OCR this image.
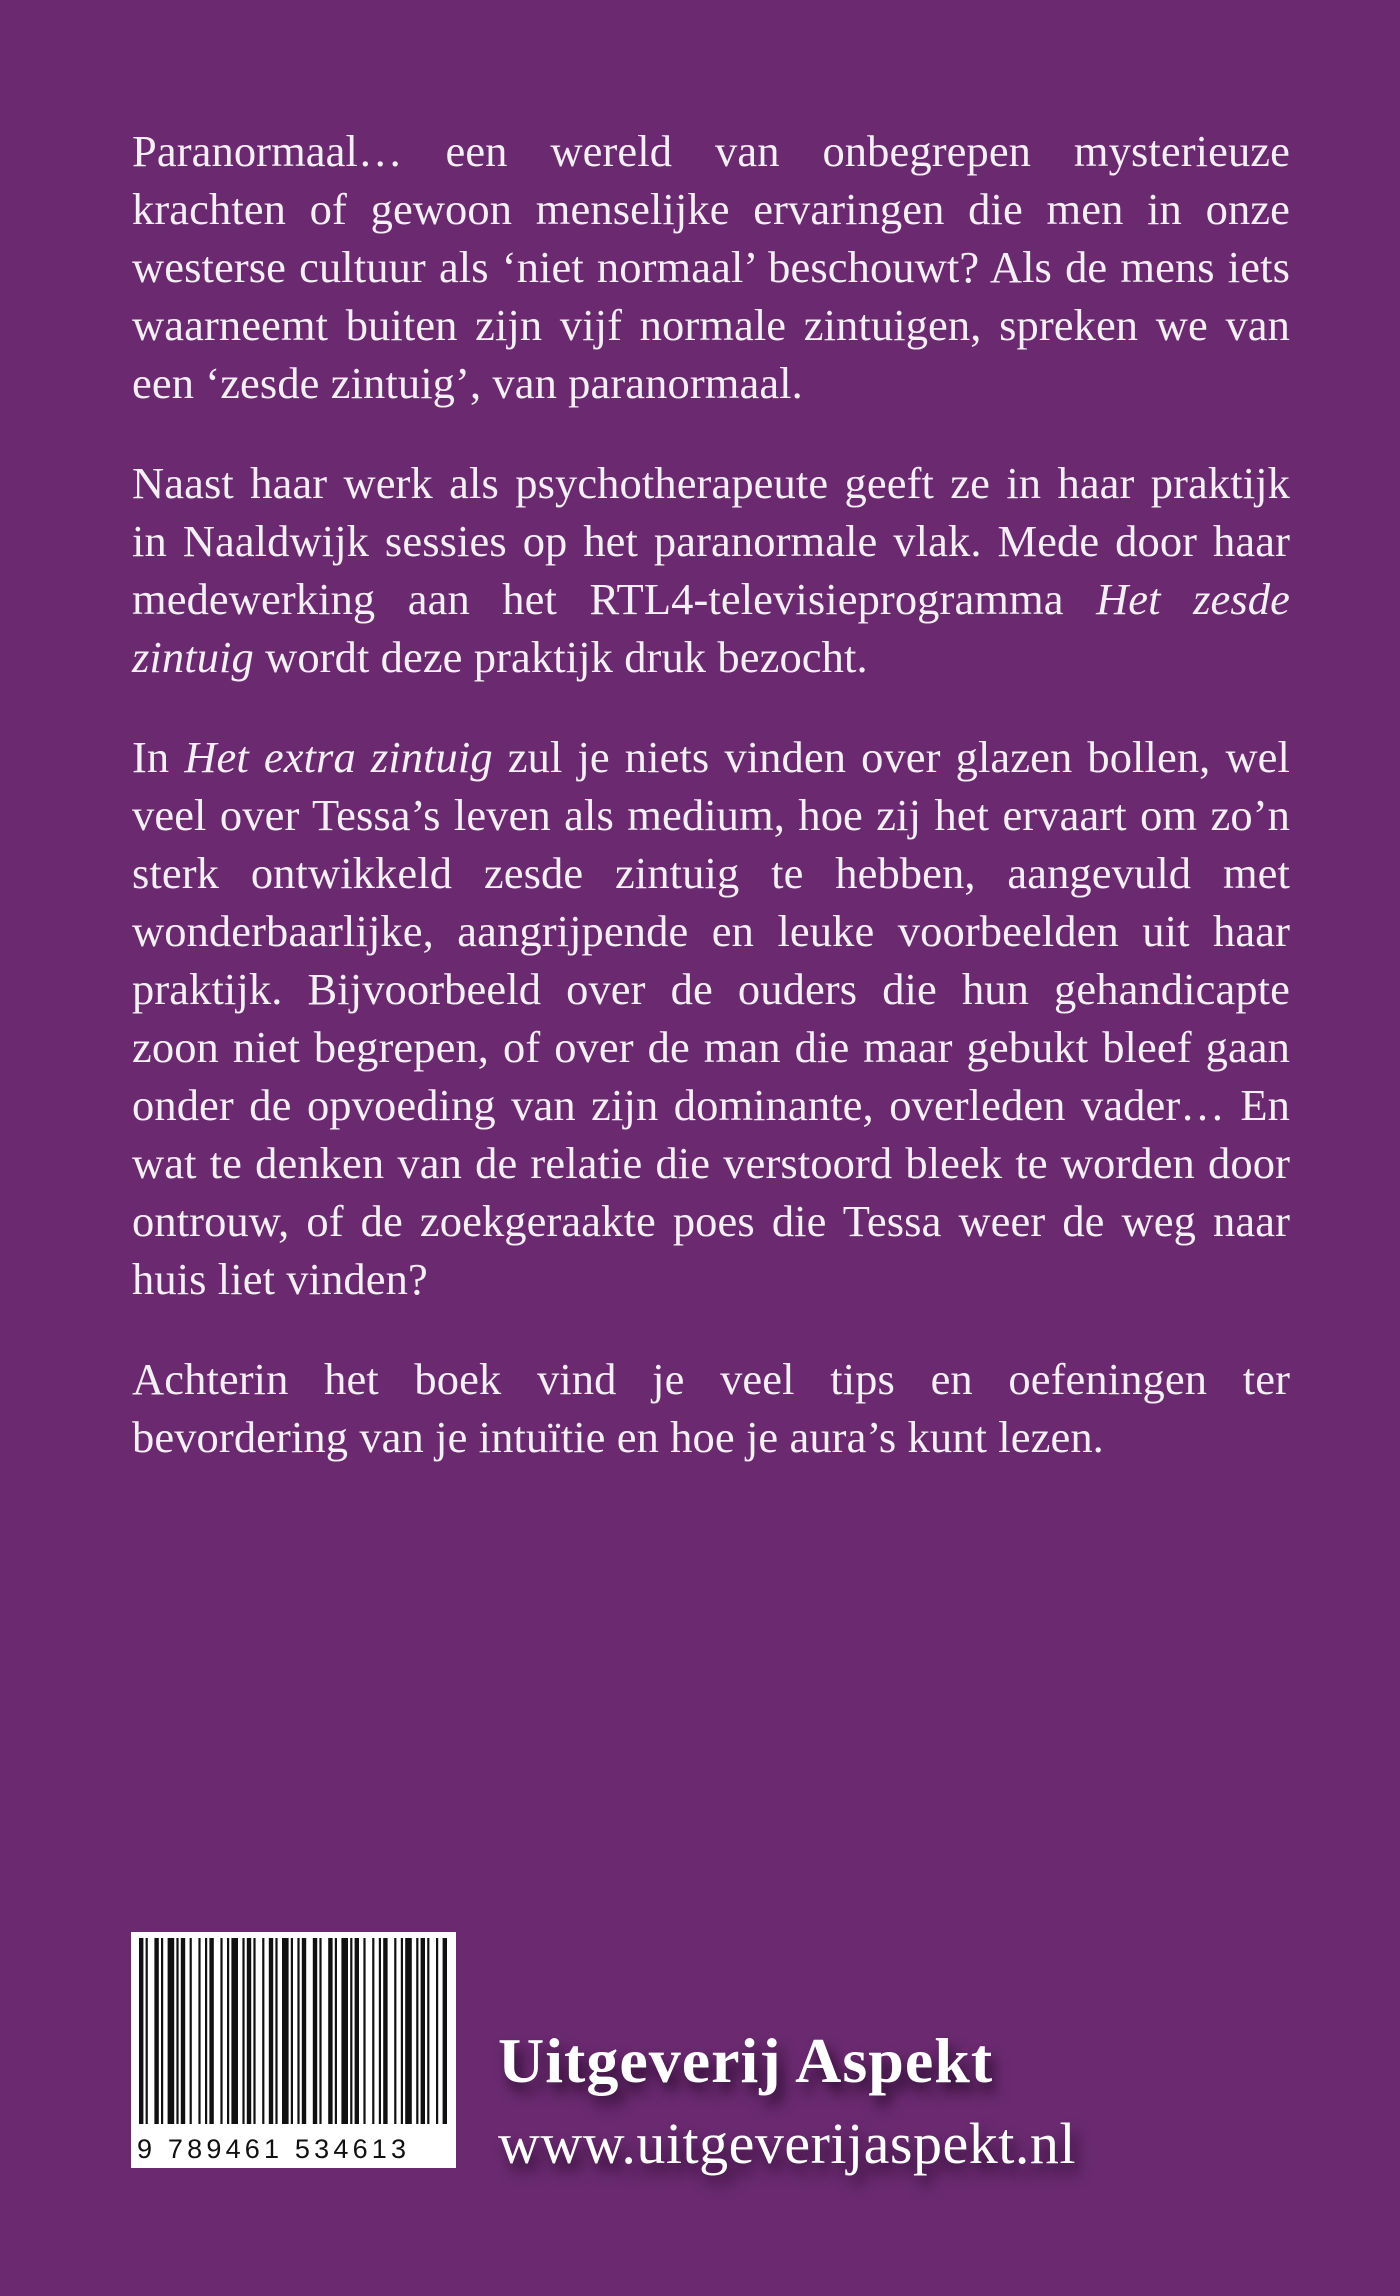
Paranormaal… een wereld van onbegrepen mysterieuze krachten of gewoon menselijke ervaringen die men in onze westerse cultuur als ‘niet normaal’ beschouwt? Als de mens iets waarneemt buiten zijn vijf normale zintuigen, spreken we van een ‘zesde zintuig’, van paranormaal.

Naast haar werk als psychotherapeute geeft ze in haar praktijk in Naaldwijk sessies op het paranormale vlak. Mede door haar medewerking aan het RTL4-televisieprogramma Het zesde zintuig wordt deze praktijk druk bezocht.

In Het extra zintuig zul je niets vinden over glazen bollen, wel veel over Tessa’s leven als medium, hoe zij het ervaart om zo’n sterk ontwikkeld zesde zintuig te hebben, aangevuld met wonderbaarlijke, aangrijpende en leuke voorbeelden uit haar praktijk. Bijvoorbeeld over de ouders die hun gehandicapte zoon niet begrepen, of over de man die maar gebukt bleef gaan onder de opvoeding van zijn dominante, overleden vader… En wat te denken van de relatie die verstoord bleek te worden door ontrouw, of de zoekgeraakte poes die Tessa weer de weg naar huis liet vinden?

Achterin het boek vind je veel tips en oefeningen ter bevordering van je intuïtie en hoe je aura’s kunt lezen.

9 789461 534613
Uitgeverij Aspekt
www.uitgeverijaspekt.nl
